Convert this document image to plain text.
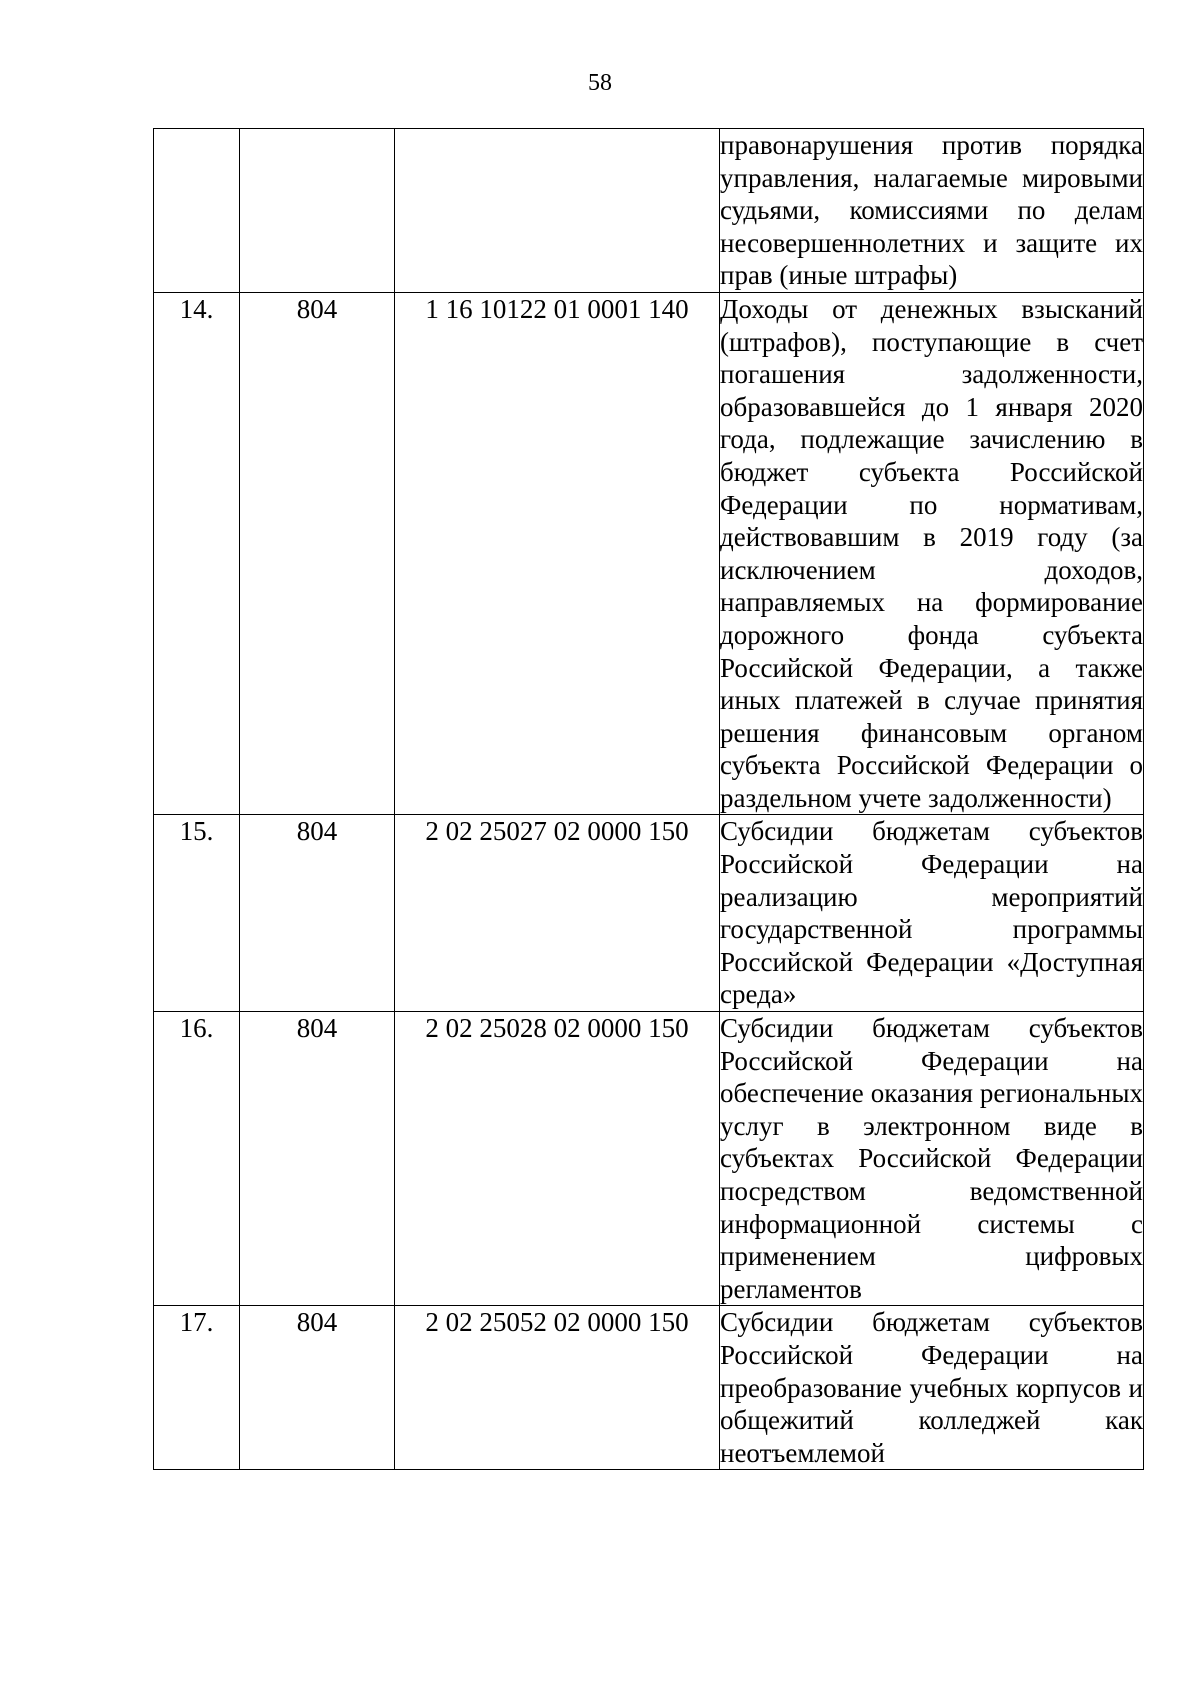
58
			правонарушения против порядка управления, налагаемые мировыми судьями, комиссиями по делам несовершеннолетних и защите их прав (иные штрафы)
14.	804	1 16 10122 01 0001 140	Доходы от денежных взысканий (штрафов), поступающие в счет погашения задолженности, образовавшейся до 1 января 2020 года, подлежащие зачислению в бюджет субъекта Российской Федерации по нормативам, действовавшим в 2019 году (за исключением доходов, направляемых на формирование дорожного фонда субъекта Российской Федерации, а также иных платежей в случае принятия решения финансовым органом субъекта Российской Федерации о раздельном учете задолженности)
15.	804	2 02 25027 02 0000 150	Субсидии бюджетам субъектов Российской Федерации на реализацию мероприятий государственной программы Российской Федерации «Доступная среда»
16.	804	2 02 25028 02 0000 150	Субсидии бюджетам субъектов Российской Федерации на обеспечение оказания региональных услуг в электронном виде в субъектах Российской Федерации посредством ведомственной информационной системы с применением цифровых регламентов
17.	804	2 02 25052 02 0000 150	Субсидии бюджетам субъектов Российской Федерации на преобразование учебных корпусов и общежитий колледжей как неотъемлемой
